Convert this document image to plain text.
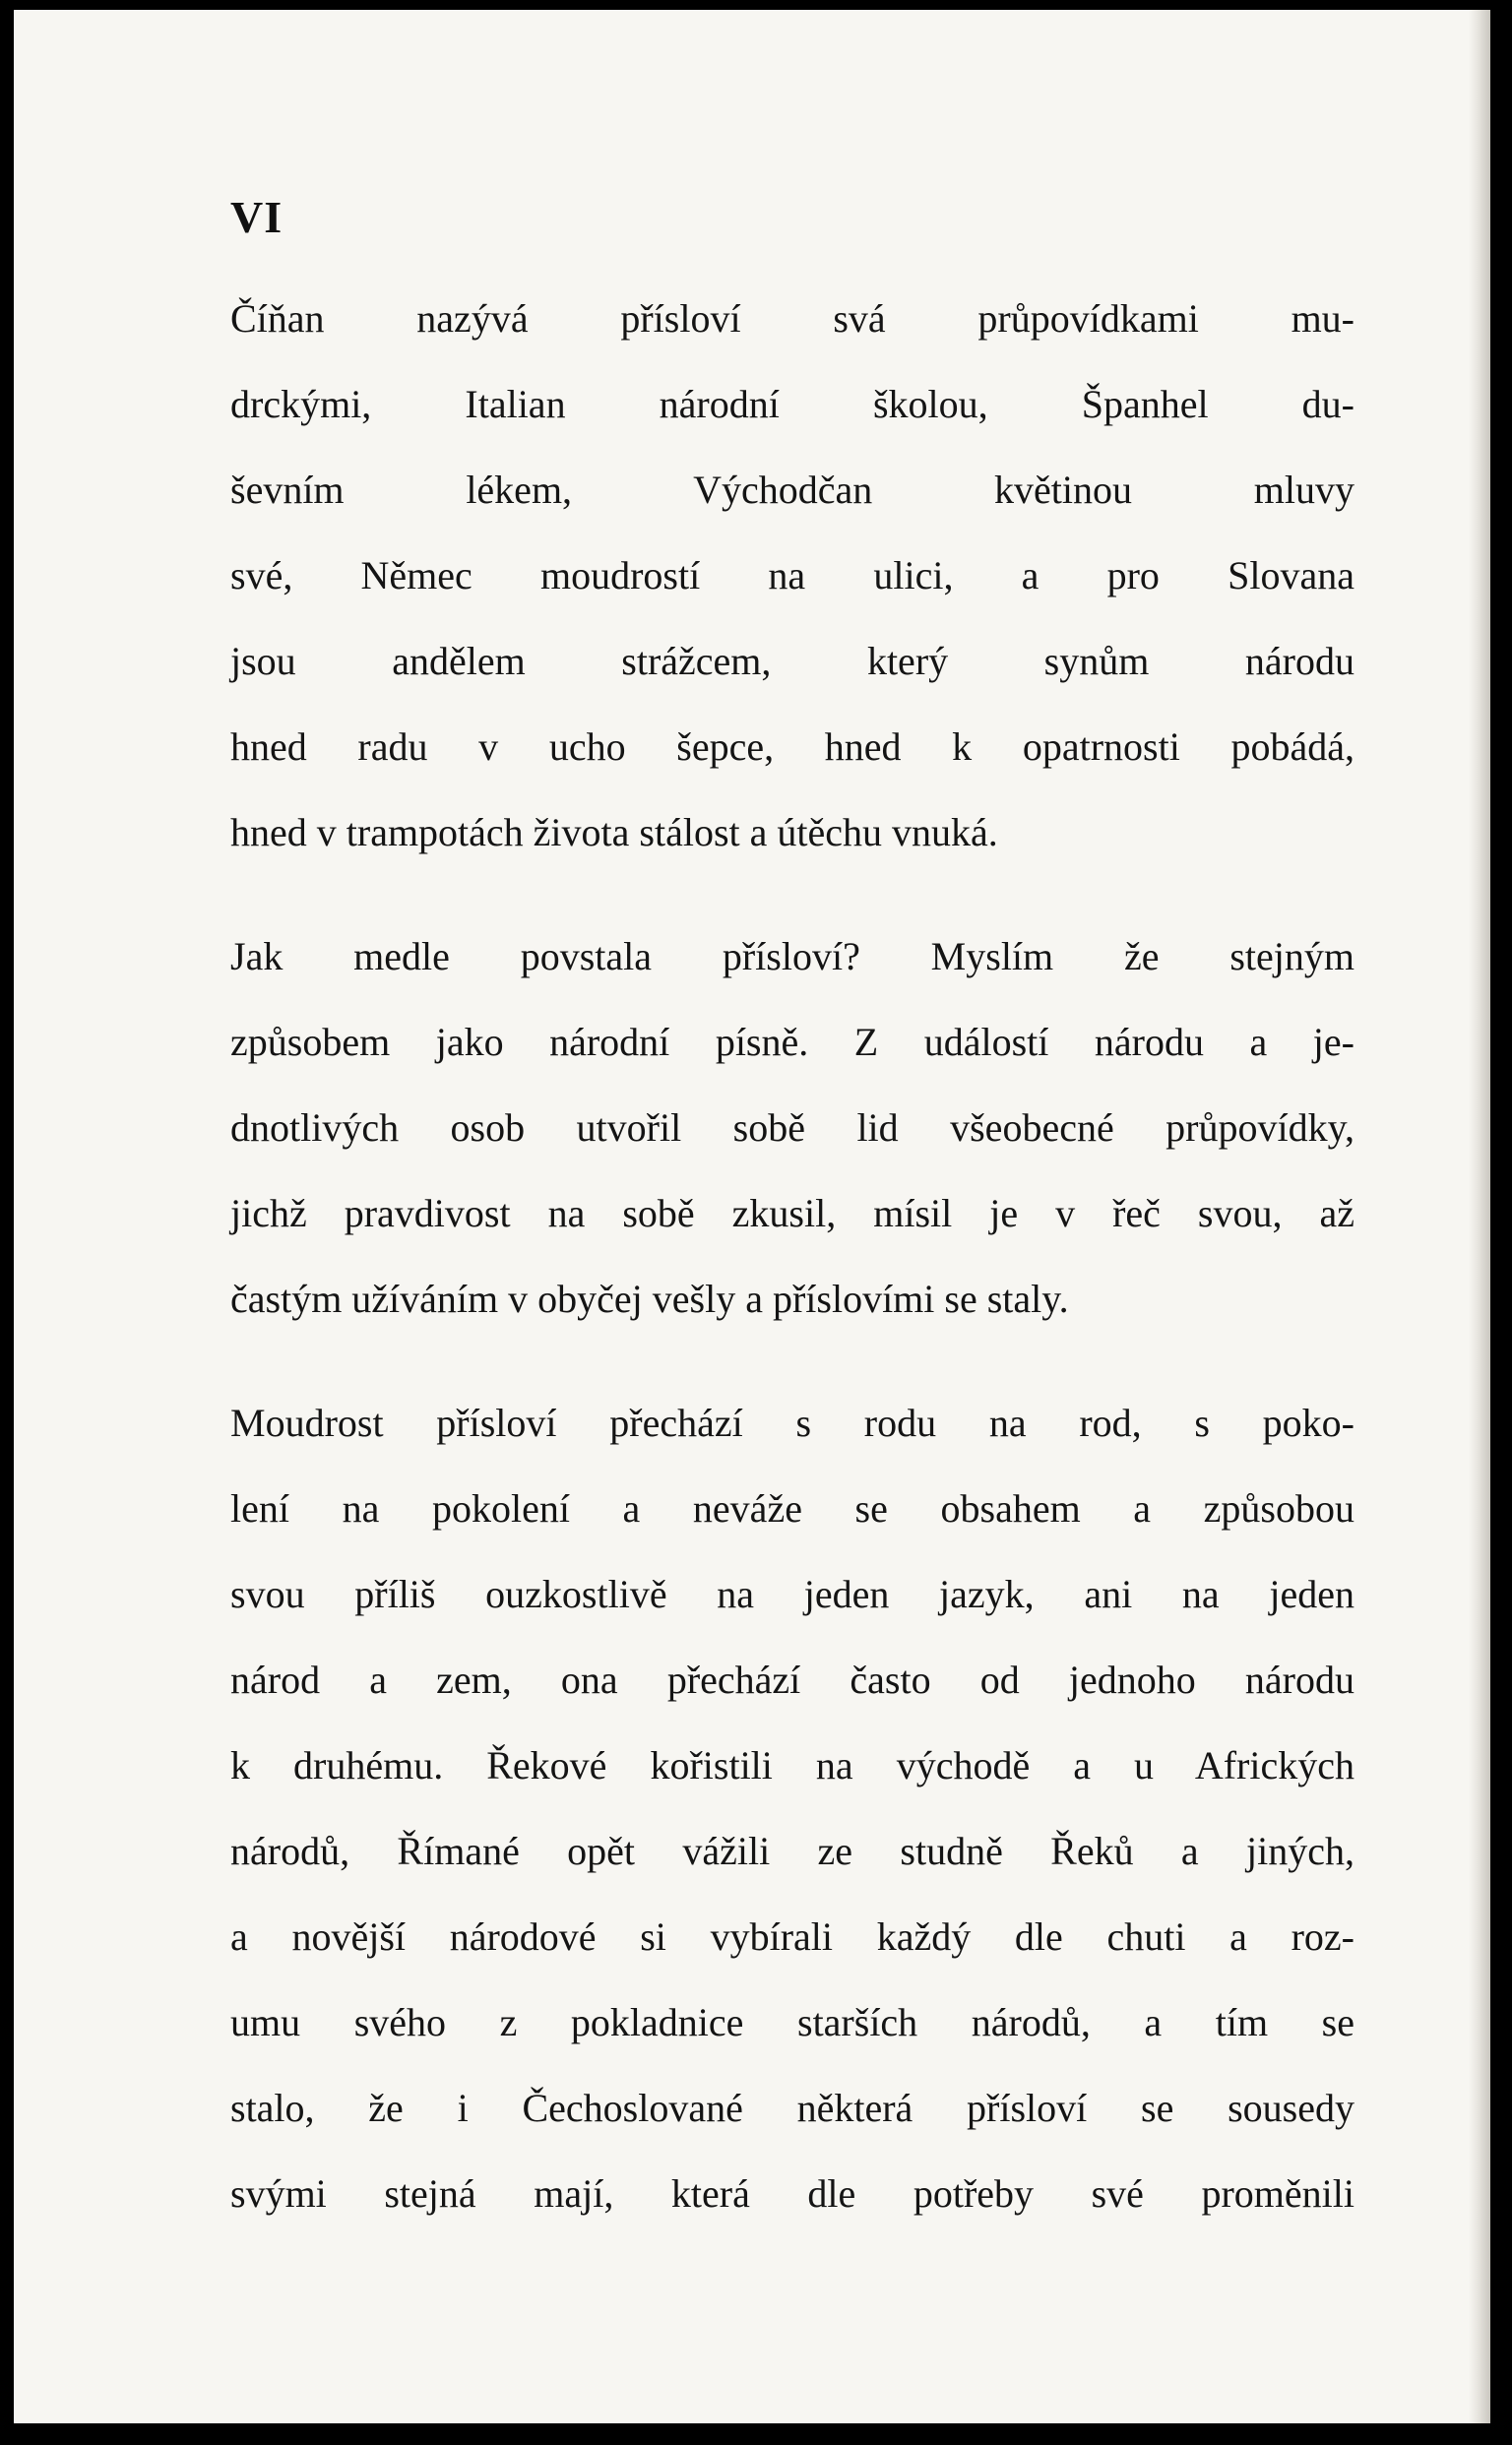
VI

Číňan nazývá přísloví svá průpovídkami mu-
drckými, Italian národní školou, Španhel du-
ševním lékem, Východčan květinou mluvy
své, Němec moudrostí na ulici, a pro Slovana
jsou andělem strážcem, který synům národu
hned radu v ucho šepce, hned k opatrnosti pobádá,
hned v trampotách života stálost a útěchu vnuká.

Jak medle povstala přísloví? Myslím že stejným
způsobem jako národní písně. Z událostí národu a je-
dnotlivých osob utvořil sobě lid všeobecné průpovídky,
jichž pravdivost na sobě zkusil, mísil je v řeč svou, až
častým užíváním v obyčej vešly a příslovími se staly.

Moudrost přísloví přechází s rodu na rod, s poko-
lení na pokolení a neváže se obsahem a způsobou
svou příliš ouzkostlivě na jeden jazyk, ani na jeden
národ a zem, ona přechází často od jednoho národu
k druhému. Řekové kořistili na východě a u Afrických
národů, Římané opět vážili ze studně Řeků a jiných,
a novější národové si vybírali každý dle chuti a roz-
umu svého z pokladnice starších národů, a tím se
stalo, že i Čechoslované některá přísloví se sousedy
svými stejná mají, která dle potřeby své proměnili
